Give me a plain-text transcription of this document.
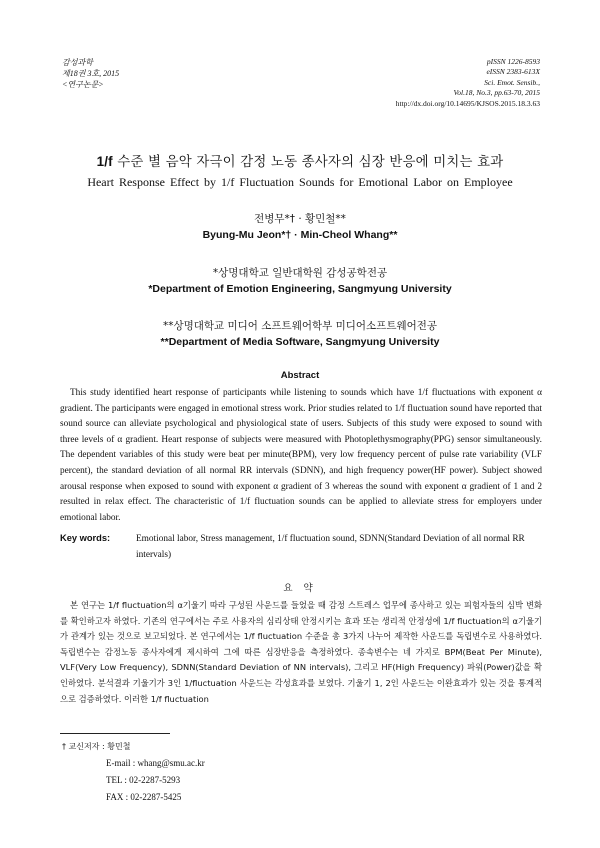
감성과학
제18권 3호, 2015
<연구논문>
pISSN 1226-8593
eISSN 2383-613X
Sci. Emot. Sensib.,
Vol.18, No.3, pp.63-70, 2015
http://dx.doi.org/10.14695/KJSOS.2015.18.3.63
1/f 수준 별 음악 자극이 감정 노동 종사자의 심장 반응에 미치는 효과
Heart Response Effect by 1/f Fluctuation Sounds for Emotional Labor on Employee
전병무*† · 황민철**
Byung-Mu Jeon*† · Min-Cheol Whang**
*상명대학교 일반대학원 감성공학전공
*Department of Emotion Engineering, Sangmyung University
**상명대학교 미디어 소프트웨어학부 미디어소프트웨어전공
**Department of Media Software, Sangmyung University
Abstract

This study identified heart response of participants while listening to sounds which have 1/f fluctuations with exponent α gradient. The participants were engaged in emotional stress work. Prior studies related to 1/f fluctuation sound have reported that sound source can alleviate psychological and physiological state of users. Subjects of this study were exposed to sound with three levels of α gradient. Heart response of subjects were measured with Photoplethysmography(PPG) sensor simultaneously. The dependent variables of this study were beat per minute(BPM), very low frequency percent of pulse rate variability (VLF percent), the standard deviation of all normal RR intervals (SDNN), and high frequency power(HF power). Subject showed arousal response when exposed to sound with exponent α gradient of 3 whereas the sound with exponent α gradient of 1 and 2 resulted in relax effect. The characteristic of 1/f fluctuation sounds can be applied to alleviate stress for employers under emotional labor.

Key words:	Emotional labor, Stress management, 1/f fluctuation sound, SDNN(Standard Deviation of all normal RR intervals)
요 약

본 연구는 1/f fluctuation의 α기울기 따라 구성된 사운드를 들었을 때 감정 스트레스 업무에 종사하고 있는 피험자들의 심박 변화를 확인하고자 하였다. 기존의 연구에서는 주로 사용자의 심리상태 안정시키는 효과 또는 생리적 안정성에 1/f fluctuation의 α기울기가 관계가 있는 것으로 보고되었다. 본 연구에서는 1/f fluctuation 수준을 총 3가지 나누어 제작한 사운드를 독립변수로 사용하였다. 독립변수는 감정노동 종사자에게 제시하여 그에 따른 심장반응을 측정하였다. 종속변수는 네 가지로 BPM(Beat Per Minute), VLF(Very Low Frequency), SDNN(Standard Deviation of NN intervals), 그리고 HF(High Frequency) 파워(Power)값을 확인하였다. 분석결과 기울기가 3인 1/fluctuation 사운드는 각성효과를 보였다. 기울기 1, 2인 사운드는 이완효과가 있는 것을 통계적으로 검증하였다. 이러한 1/f fluctuation

† 교신저자 : 황민철
E-mail : whang@smu.ac.kr
TEL : 02-2287-5293
FAX : 02-2287-5425
